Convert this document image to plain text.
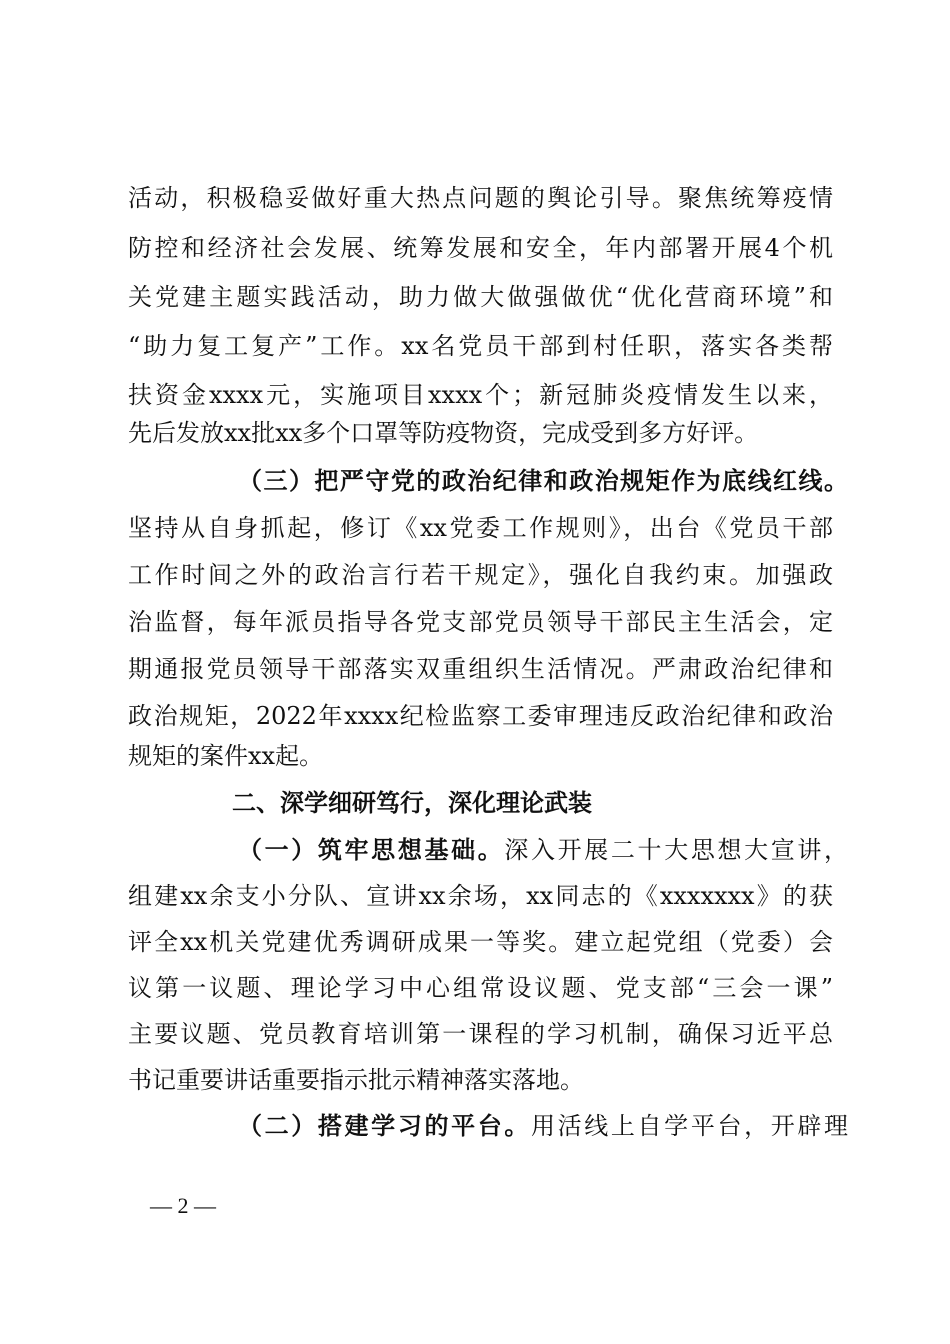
活动，积极稳妥做好重大热点问题的舆论引导。聚焦统筹疫情
防控和经济社会发展、统筹发展和安全，年内部署开展4个机
关党建主题实践活动，助力做大做强做优“优化营商环境”和
“助力复工复产”工作。xx名党员干部到村任职，落实各类帮
扶资金xxxx元，实施项目xxxx个；新冠肺炎疫情发生以来，
先后发放xx批xx多个口罩等防疫物资，完成受到多方好评。
（三）把严守党的政治纪律和政治规矩作为底线红线。
坚持从自身抓起，修订《xx党委工作规则》，出台《党员干部
工作时间之外的政治言行若干规定》，强化自我约束。加强政
治监督，每年派员指导各党支部党员领导干部民主生活会，定
期通报党员领导干部落实双重组织生活情况。严肃政治纪律和
政治规矩，2022年xxxx纪检监察工委审理违反政治纪律和政治
规矩的案件xx起。
二、深学细研笃行，深化理论武装
（一）筑牢思想基础。深入开展二十大思想大宣讲，
组建xx余支小分队、宣讲xx余场，xx同志的《xxxxxxx》的获
评全xx机关党建优秀调研成果一等奖。建立起党组（党委）会
议第一议题、理论学习中心组常设议题、党支部“三会一课”
主要议题、党员教育培训第一课程的学习机制，确保习近平总
书记重要讲话重要指示批示精神落实落地。
（二）搭建学习的平台。用活线上自学平台，开辟理
— 2 —
